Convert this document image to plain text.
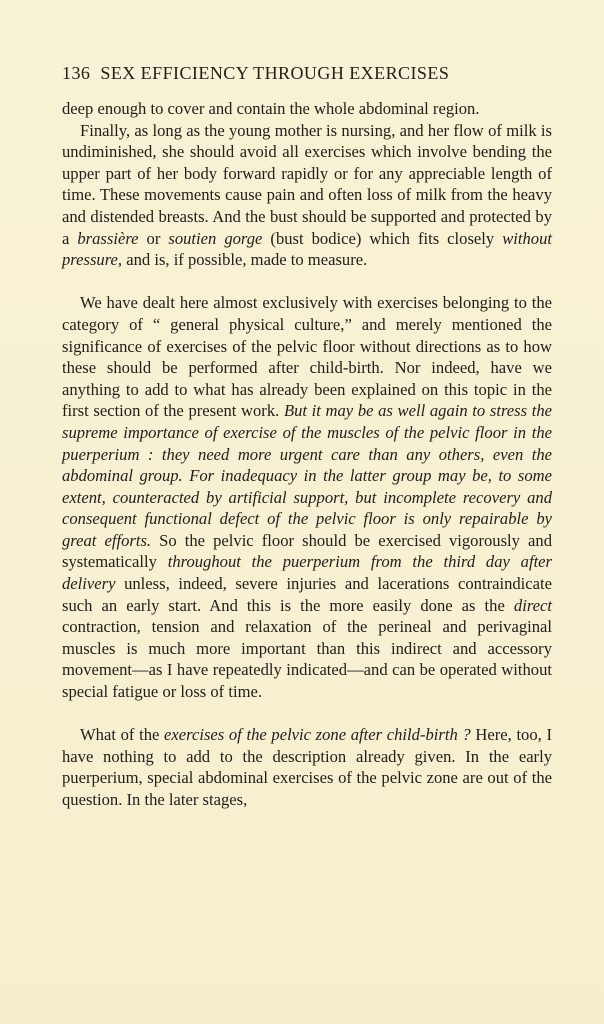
136 SEX EFFICIENCY THROUGH EXERCISES

deep enough to cover and contain the whole abdominal region.

Finally, as long as the young mother is nursing, and her flow of milk is undiminished, she should avoid all exercises which involve bending the upper part of her body forward rapidly or for any appreciable length of time. These movements cause pain and often loss of milk from the heavy and distended breasts. And the bust should be supported and protected by a brassière or soutien gorge (bust bodice) which fits closely without pressure, and is, if possible, made to measure.

We have dealt here almost exclusively with exercises belonging to the category of “ general physical culture,” and merely mentioned the significance of exercises of the pelvic floor without directions as to how these should be performed after child-birth. Nor indeed, have we anything to add to what has already been explained on this topic in the first section of the present work. But it may be as well again to stress the supreme importance of exercise of the muscles of the pelvic floor in the puerperium : they need more urgent care than any others, even the abdominal group. For inadequacy in the latter group may be, to some extent, counteracted by artificial support, but incomplete recovery and consequent functional defect of the pelvic floor is only repairable by great efforts. So the pelvic floor should be exercised vigorously and systematically throughout the puerperium from the third day after delivery unless, indeed, severe injuries and lacerations contraindicate such an early start. And this is the more easily done as the direct contraction, tension and relaxation of the perineal and perivaginal muscles is much more important than this indirect and accessory movement—as I have repeatedly indicated—and can be operated without special fatigue or loss of time.

What of the exercises of the pelvic zone after child-birth ? Here, too, I have nothing to add to the description already given. In the early puerperium, special abdominal exercises of the pelvic zone are out of the question. In the later stages,
